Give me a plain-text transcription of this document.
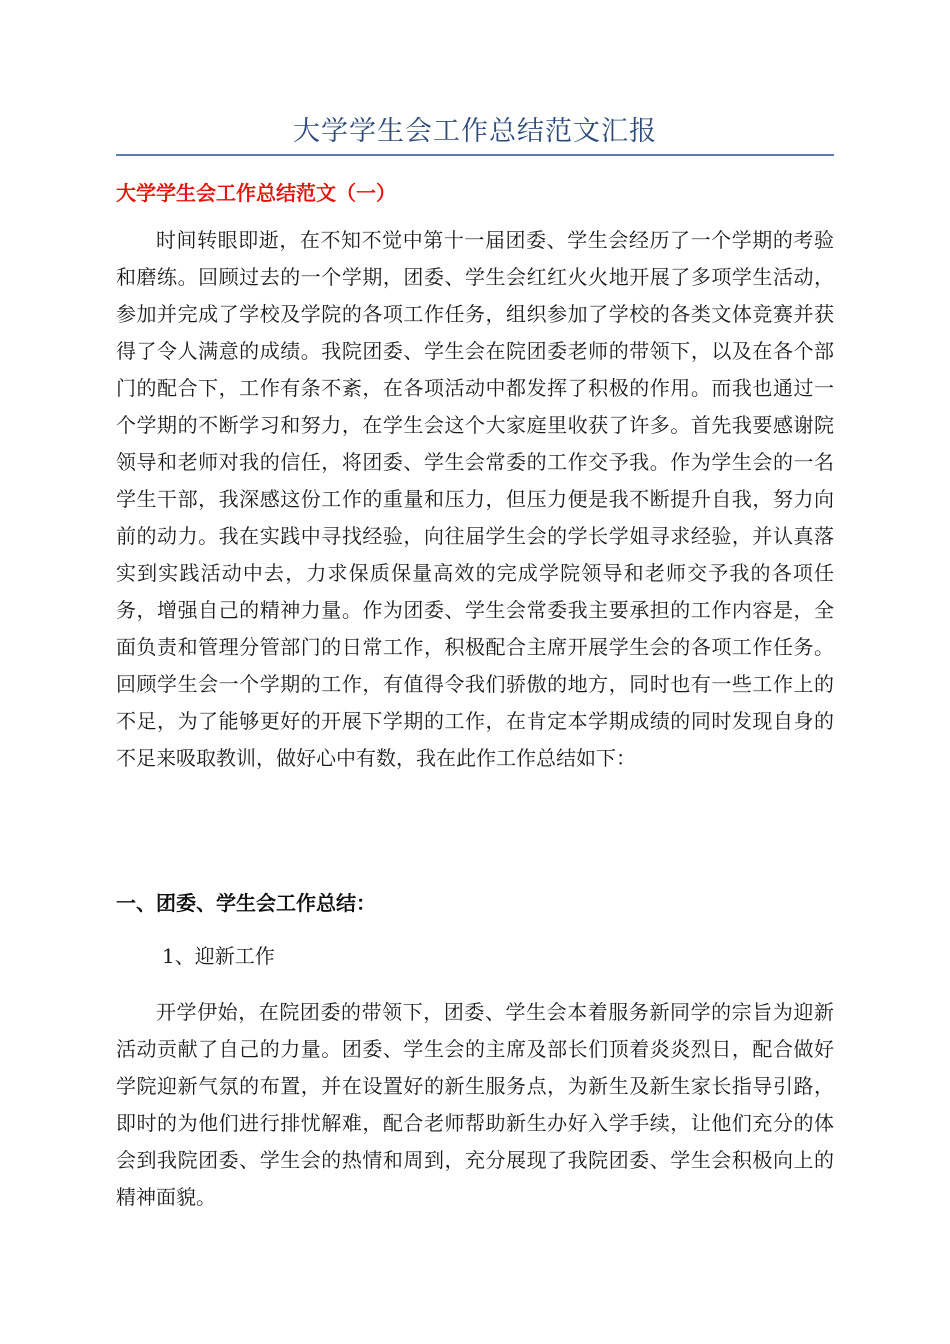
大学学生会工作总结范文汇报
大学学生会工作总结范文（一）

时间转眼即逝，在不知不觉中第十一届团委、学生会经历了一个学期的考验和磨练。回顾过去的一个学期，团委、学生会红红火火地开展了多项学生活动，参加并完成了学校及学院的各项工作任务，组织参加了学校的各类文体竞赛并获得了令人满意的成绩。我院团委、学生会在院团委老师的带领下，以及在各个部门的配合下，工作有条不紊，在各项活动中都发挥了积极的作用。而我也通过一个学期的不断学习和努力，在学生会这个大家庭里收获了许多。首先我要感谢院领导和老师对我的信任，将团委、学生会常委的工作交予我。作为学生会的一名学生干部，我深感这份工作的重量和压力，但压力便是我不断提升自我，努力向前的动力。我在实践中寻找经验，向往届学生会的学长学姐寻求经验，并认真落实到实践活动中去，力求保质保量高效的完成学院领导和老师交予我的各项任务，增强自己的精神力量。作为团委、学生会常委我主要承担的工作内容是，全面负责和管理分管部门的日常工作，积极配合主席开展学生会的各项工作任务。回顾学生会一个学期的工作，有值得令我们骄傲的地方，同时也有一些工作上的不足，为了能够更好的开展下学期的工作，在肯定本学期成绩的同时发现自身的不足来吸取教训，做好心中有数，我在此作工作总结如下：

一、团委、学生会工作总结：

1、迎新工作

开学伊始，在院团委的带领下，团委、学生会本着服务新同学的宗旨为迎新活动贡献了自己的力量。团委、学生会的主席及部长们顶着炎炎烈日，配合做好学院迎新气氛的布置，并在设置好的新生服务点，为新生及新生家长指导引路，即时的为他们进行排忧解难，配合老师帮助新生办好入学手续，让他们充分的体会到我院团委、学生会的热情和周到，充分展现了我院团委、学生会积极向上的精神面貌。
